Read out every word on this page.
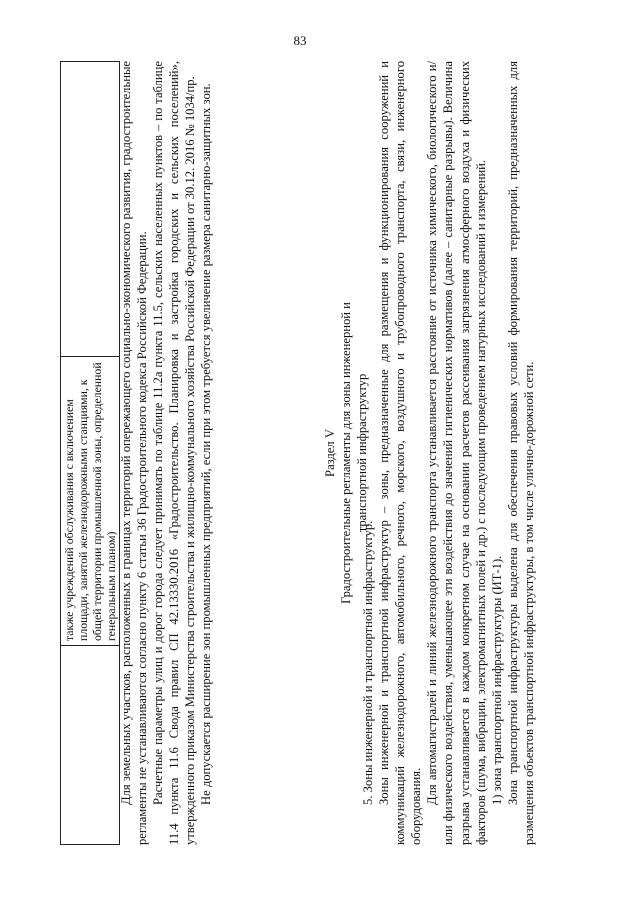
83
	также учреждений обслуживания с включением площади, занятой железнодорожными станциями, к общей территории промышленной зоны, определенной генеральным планом)	Для земельных участков, расположенных в границах территорий опережающего социально-экономического развития, градостроительные регламенты не устанавливаются согласно пункту 6 статьи 36 Градостроительного кодекса Российской Федерации. Расчетные параметры улиц и дорог города следует принимать по таблице 11.2а пункта 11.5, сельских населенных пунктов – по таблице 11.4 пункта 11.6 Свода правил СП 42.13330.2016 «Градостроительство. Планировка и застройка городских и сельских поселений», утвержденного приказом Министерства строительства и жилищно-коммунального хозяйства Российской Федерации от 30.12. 2016 № 1034/пр. Не допускается расширение зон промышленных предприятий, если при этом требуется увеличение размера санитарно-защитных зон.	Раздел V Градостроительные регламенты для зоны инженерной и транспортной инфраструктур

5. Зоны инженерной и транспортной инфраструктур. Зоны инженерной и транспортной инфраструктур – зоны, предназначенные для размещения и функционирования сооружений и коммуникаций железнодорожного, автомобильного, речного, морского, воздушного и трубопроводного транспорта, связи, инженерного оборудования.

Для автомагистралей и линий железнодорожного транспорта устанавливается расстояние от источника химического, биологического и/или физического воздействия, уменьшающее эти воздействия до значений гигиенических нормативов (далее – санитарные разрывы). Величина разрыва устанавливается в каждом конкретном случае на основании расчетов рассеивания загрязнения атмосферного воздуха и физических факторов (шума, вибрации, электромагнитных полей и др.) с последующим проведением натурных исследований и измерений. 1) зона транспортной инфраструктуры (ИТ-1). Зона транспортной инфраструктуры выделена для обеспечения правовых условий формирования территорий, предназначенных для размещения объектов транспортной инфраструктуры, в том числе улично-дорожной сети.
